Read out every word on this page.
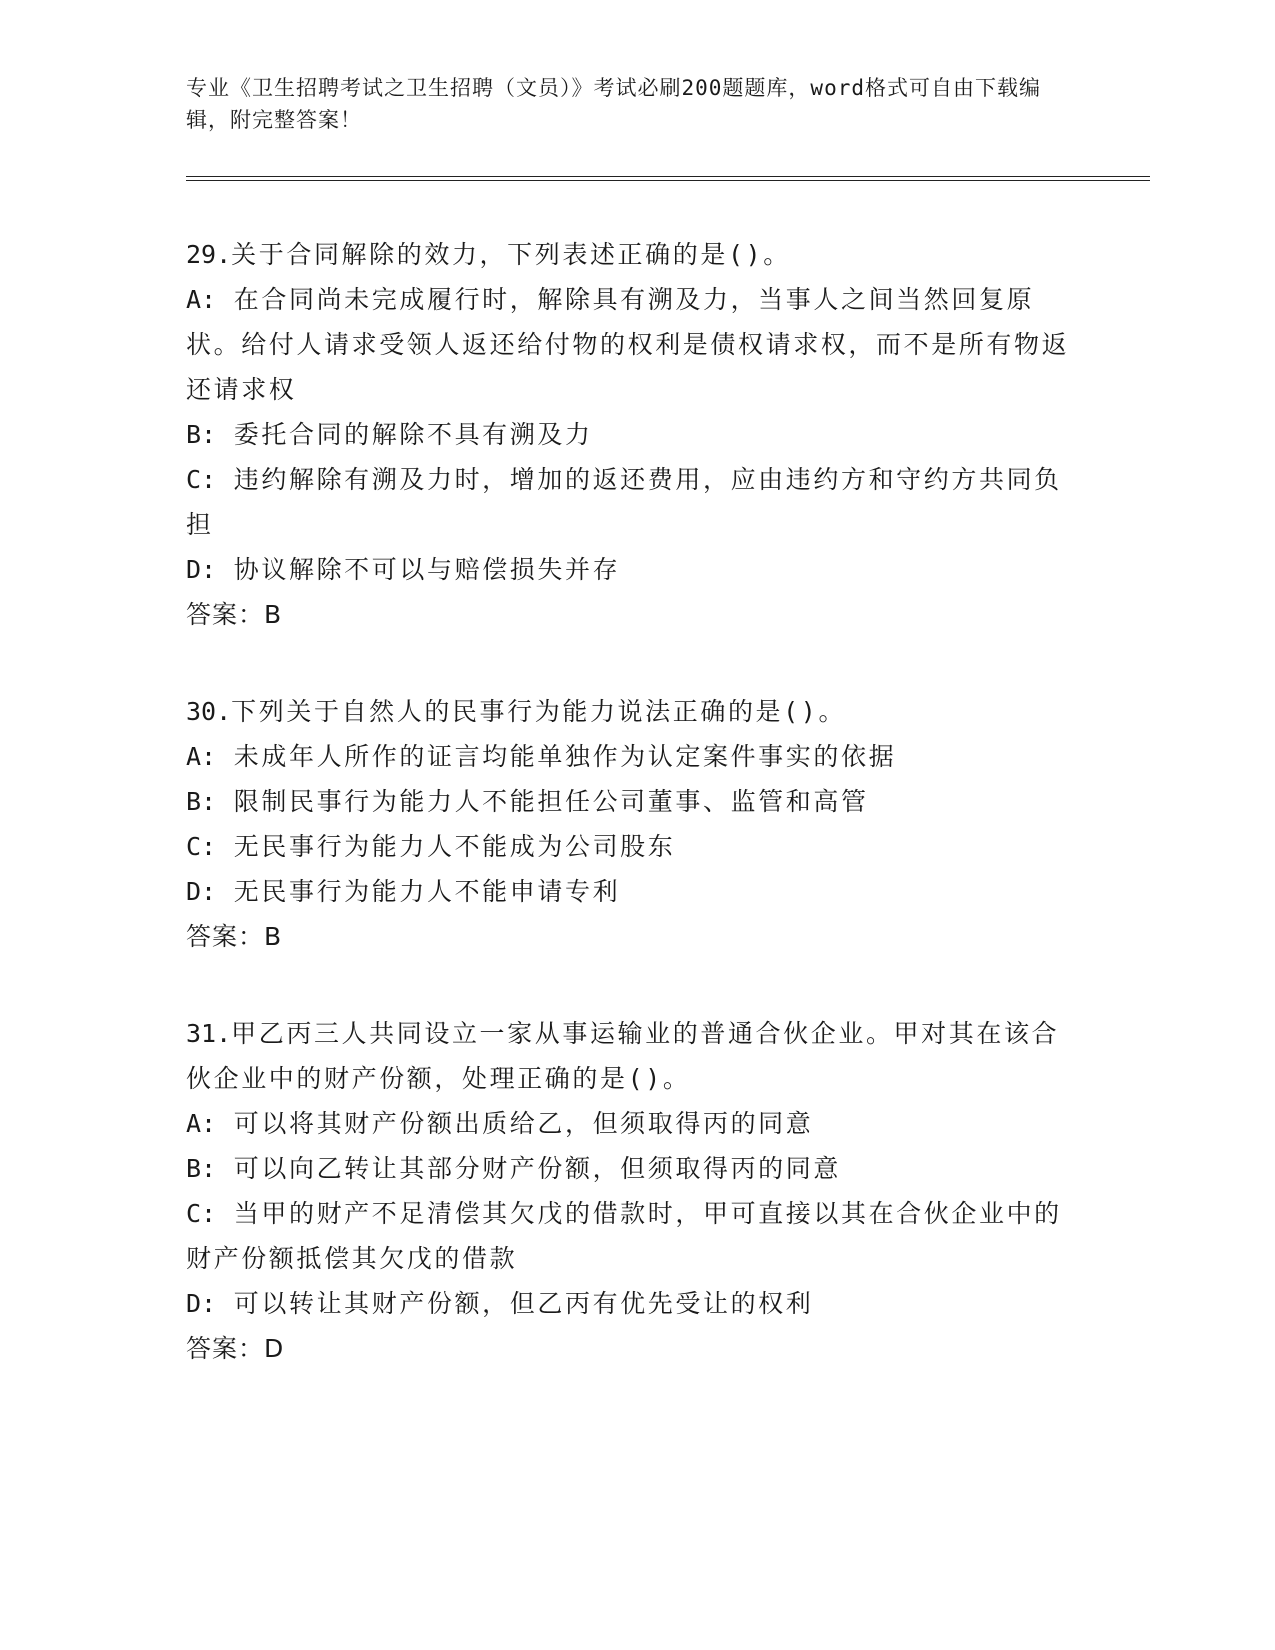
专业《卫生招聘考试之卫生招聘（文员）》考试必刷200题题库，word格式可自由下载编辑，附完整答案！
29.关于合同解除的效力，下列表述正确的是()。
A: 在合同尚未完成履行时，解除具有溯及力，当事人之间当然回复原状。给付人请求受领人返还给付物的权利是债权请求权，而不是所有物返还请求权
B: 委托合同的解除不具有溯及力
C: 违约解除有溯及力时，增加的返还费用，应由违约方和守约方共同负担
D: 协议解除不可以与赔偿损失并存
答案：B
30.下列关于自然人的民事行为能力说法正确的是()。
A: 未成年人所作的证言均能单独作为认定案件事实的依据
B: 限制民事行为能力人不能担任公司董事、监管和高管
C: 无民事行为能力人不能成为公司股东
D: 无民事行为能力人不能申请专利
答案：B
31.甲乙丙三人共同设立一家从事运输业的普通合伙企业。甲对其在该合伙企业中的财产份额，处理正确的是()。
A: 可以将其财产份额出质给乙，但须取得丙的同意
B: 可以向乙转让其部分财产份额，但须取得丙的同意
C: 当甲的财产不足清偿其欠戊的借款时，甲可直接以其在合伙企业中的财产份额抵偿其欠戊的借款
D: 可以转让其财产份额，但乙丙有优先受让的权利
答案：D
